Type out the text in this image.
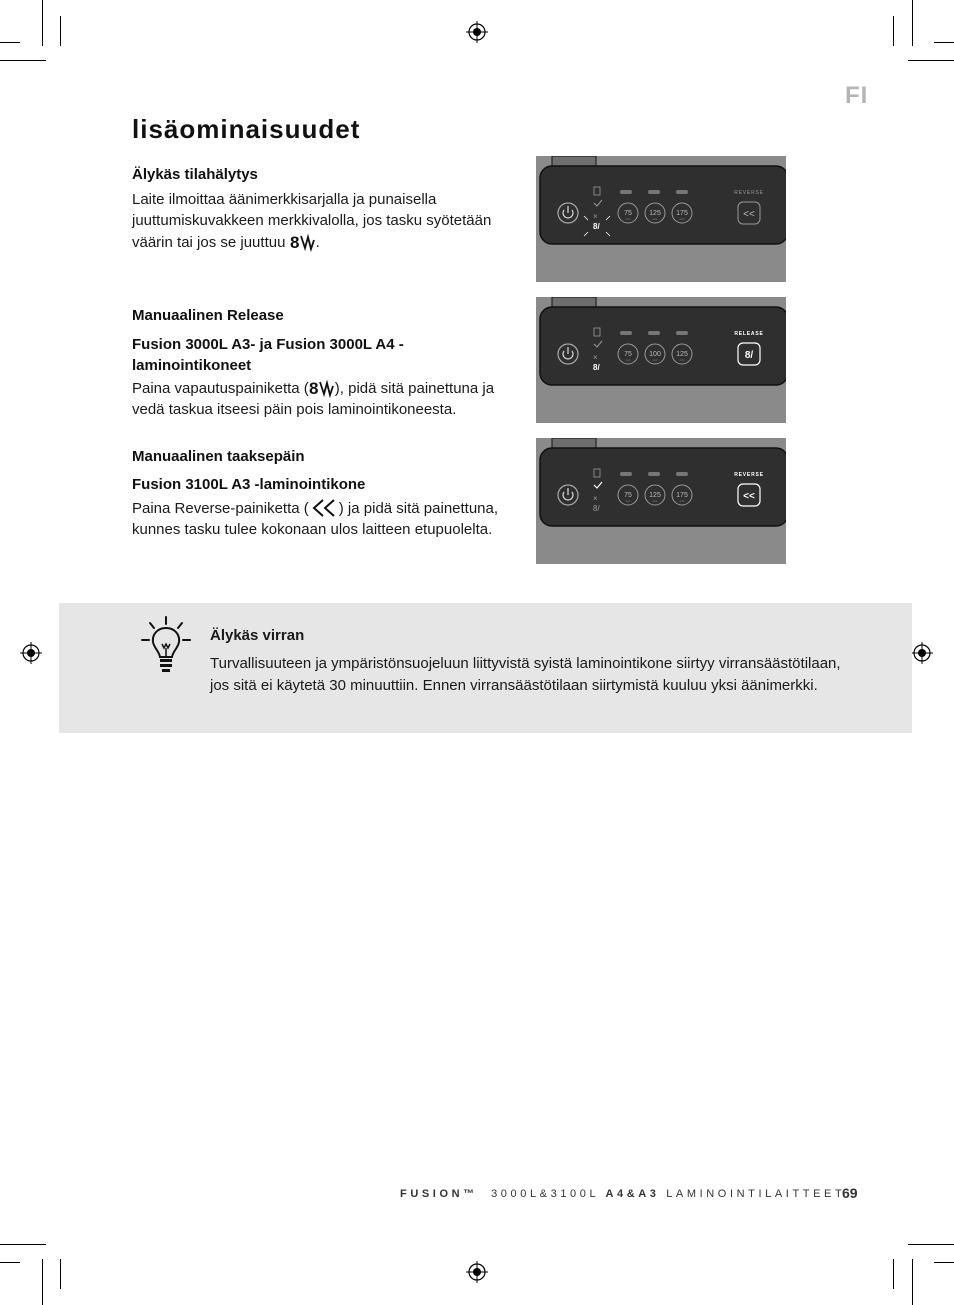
FI
lisäominaisuudet
Älykäs tilahälytys

Laite ilmoittaa äänimerkkisarjalla ja punaisella juuttumiskuvakkeen merkkivalolla, jos tasku syötetään väärin tai jos se juuttuu 8 .

Manuaalinen Release
Fusion 3000L A3- ja Fusion 3000L A4 -laminointikoneet

Paina vapautuspainiketta ( 8 ), pidä sitä painettuna ja vedä taskua itseesi päin pois laminointikoneesta.

Manuaalinen taaksepäin
Fusion 3100L A3 -laminointikone

Paina Reverse-painiketta ( ) ja pidä sitä painettuna, kunnes tasku tulee kokonaan ulos laitteen etupuolelta.

×
8/
75 125 175
mic	mic	mic
REVERSE
<<
×
8/
75 100 125
mic	mic	mic
RELEASE
8/
×
8/
75 125 175
mic	mic	mic
REVERSE
<<
Älykäs virran

Turvallisuuteen ja ympäristönsuojeluun liittyvistä syistä laminointikone siirtyy virransäästötilaan, jos sitä ei käytetä 30 minuuttiin. Ennen virransäästötilaan siirtymistä kuuluu yksi äänimerkki.

FUSION™ 3000L&3100L A4&A3 LAMINOINTILAITTEET
69
